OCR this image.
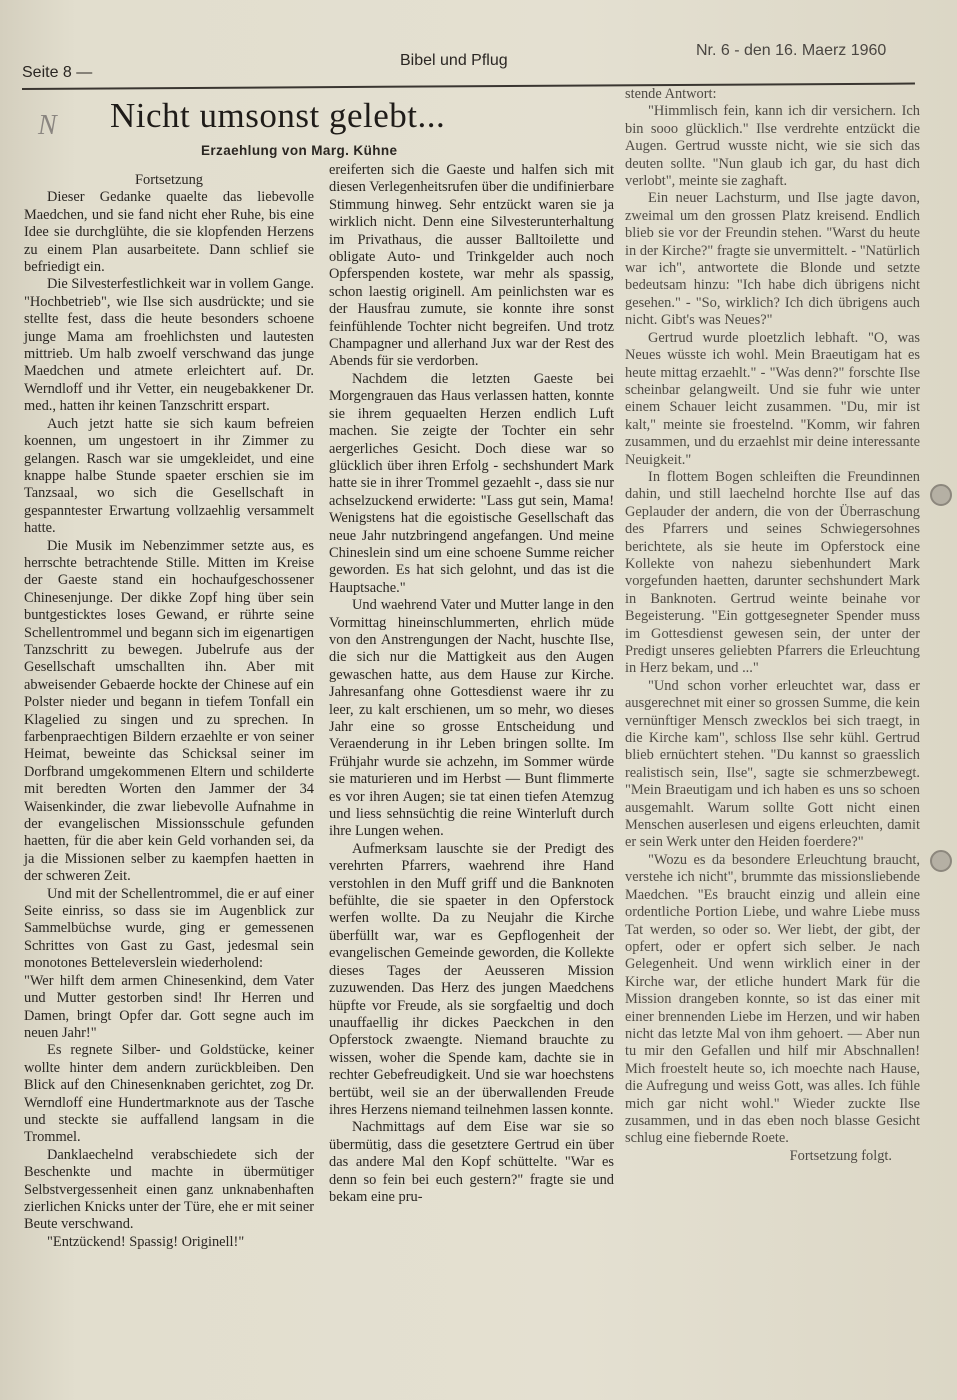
Seite 8 —
Bibel und Pflug
Nr. 6 - den 16. Maerz 1960
N Nicht umsonst gelebt...
Erzaehlung von Marg. Kühne

Fortsetzung

Dieser Gedanke quaelte das liebevolle Maedchen, und sie fand nicht eher Ruhe, bis eine Idee sie durchglühte, die sie klopfenden Herzens zu einem Plan ausarbeitete. Dann schlief sie befriedigt ein.

Die Silvesterfestlichkeit war in vollem Gange. "Hochbetrieb", wie Ilse sich ausdrückte; und sie stellte fest, dass die heute besonders schoene junge Mama am froehlichsten und lautesten mittrieb. Um halb zwoelf verschwand das junge Maedchen und atmete erleichtert auf. Dr. Werndloff und ihr Vetter, ein neugebakkener Dr. med., hatten ihr keinen Tanzschritt erspart.

Auch jetzt hatte sie sich kaum befreien koennen, um ungestoert in ihr Zimmer zu gelangen. Rasch war sie umgekleidet, und eine knappe halbe Stunde spaeter erschien sie im Tanzsaal, wo sich die Gesellschaft in gespanntester Erwartung vollzaehlig versammelt hatte.

Die Musik im Nebenzimmer setzte aus, es herrschte betrachtende Stille. Mitten im Kreise der Gaeste stand ein hochaufgeschossener Chinesenjunge. Der dikke Zopf hing über sein buntgesticktes loses Gewand, er rührte seine Schellentrommel und begann sich im eigenartigen Tanzschritt zu bewegen. Jubelrufe aus der Gesellschaft umschallten ihn. Aber mit abweisender Gebaerde hockte der Chinese auf ein Polster nieder und begann in tiefem Tonfall ein Klagelied zu singen und zu sprechen. In farbenpraechtigen Bildern erzaehlte er von seiner Heimat, beweinte das Schicksal seiner im Dorfbrand umgekommenen Eltern und schilderte mit beredten Worten den Jammer der 34 Waisenkinder, die zwar liebevolle Aufnahme in der evangelischen Missionsschule gefunden haetten, für die aber kein Geld vorhanden sei, da ja die Missionen selber zu kaempfen haetten in der schweren Zeit.

Und mit der Schellentrommel, die er auf einer Seite einriss, so dass sie im Augenblick zur Sammelbüchse wurde, ging er gemessenen Schrittes von Gast zu Gast, jedesmal sein monotones Betteleverslein wiederholend:

"Wer hilft dem armen Chinesenkind, dem Vater und Mutter gestorben sind! Ihr Herren und Damen, bringt Opfer dar. Gott segne auch im neuen Jahr!"

Es regnete Silber- und Goldstücke, keiner wollte hinter dem andern zurückbleiben. Den Blick auf den Chinesenknaben gerichtet, zog Dr. Werndloff eine Hundertmarknote aus der Tasche und steckte sie auffallend langsam in die Trommel.

Danklaechelnd verabschiedete sich der Beschenkte und machte in übermütiger Selbstvergessenheit einen ganz unknabenhaften zierlichen Knicks unter der Türe, ehe er mit seiner Beute verschwand.

"Entzückend! Spassig! Originell!"

ereiferten sich die Gaeste und halfen sich mit diesen Verlegenheitsrufen über die undifinierbare Stimmung hinweg. Sehr entzückt waren sie ja wirklich nicht. Denn eine Silvesterunterhaltung im Privathaus, die ausser Balltoilette und obligate Auto- und Trinkgelder auch noch Opferspenden kostete, war mehr als spassig, schon laestig originell. Am peinlichsten war es der Hausfrau zumute, sie konnte ihre sonst feinfühlende Tochter nicht begreifen. Und trotz Champagner und allerhand Jux war der Rest des Abends für sie verdorben.

Nachdem die letzten Gaeste bei Morgengrauen das Haus verlassen hatten, konnte sie ihrem gequaelten Herzen endlich Luft machen. Sie zeigte der Tochter ein sehr aergerliches Gesicht. Doch diese war so glücklich über ihren Erfolg - sechshundert Mark hatte sie in ihrer Trommel gezaehlt -, dass sie nur achselzuckend erwiderte: "Lass gut sein, Mama! Wenigstens hat die egoistische Gesellschaft das neue Jahr nutzbringend angefangen. Und meine Chineslein sind um eine schoene Summe reicher geworden. Es hat sich gelohnt, und das ist die Hauptsache."

Und waehrend Vater und Mutter lange in den Vormittag hineinschlummerten, ehrlich müde von den Anstrengungen der Nacht, huschte Ilse, die sich nur die Mattigkeit aus den Augen gewaschen hatte, aus dem Hause zur Kirche. Jahresanfang ohne Gottesdienst waere ihr zu leer, zu kalt erschienen, um so mehr, wo dieses Jahr eine so grosse Entscheidung und Veraenderung in ihr Leben bringen sollte. Im Frühjahr wurde sie achzehn, im Sommer würde sie maturieren und im Herbst — Bunt flimmerte es vor ihren Augen; sie tat einen tiefen Atemzug und liess sehnsüchtig die reine Winterluft durch ihre Lungen wehen.

Aufmerksam lauschte sie der Predigt des verehrten Pfarrers, waehrend ihre Hand verstohlen in den Muff griff und die Banknoten befühlte, die sie spaeter in den Opferstock werfen wollte. Da zu Neujahr die Kirche überfüllt war, war es Gepflogenheit der evangelischen Gemeinde geworden, die Kollekte dieses Tages der Aeusseren Mission zuzuwenden. Das Herz des jungen Maedchens hüpfte vor Freude, als sie sorgfaeltig und doch unauffaellig ihr dickes Paeckchen in den Opferstock zwaengte. Niemand brauchte zu wissen, woher die Spende kam, dachte sie in rechter Gebefreudigkeit. Und sie war hoechstens bertübt, weil sie an der überwallenden Freude ihres Herzens niemand teilnehmen lassen konnte.

Nachmittags auf dem Eise war sie so übermütig, dass die gesetztere Gertrud ein über das andere Mal den Kopf schüttelte. "War es denn so fein bei euch gestern?" fragte sie und bekam eine pru-

stende Antwort:

"Himmlisch fein, kann ich dir versichern. Ich bin sooo glücklich." Ilse verdrehte entzückt die Augen. Gertrud wusste nicht, wie sie sich das deuten sollte. "Nun glaub ich gar, du hast dich verlobt", meinte sie zaghaft.

Ein neuer Lachsturm, und Ilse jagte davon, zweimal um den grossen Platz kreisend. Endlich blieb sie vor der Freundin stehen. "Warst du heute in der Kirche?" fragte sie unvermittelt. - "Natürlich war ich", antwortete die Blonde und setzte bedeutsam hinzu: "Ich habe dich übrigens nicht gesehen." - "So, wirklich? Ich dich übrigens auch nicht. Gibt's was Neues?"

Gertrud wurde ploetzlich lebhaft. "O, was Neues wüsste ich wohl. Mein Braeutigam hat es heute mittag erzaehlt." - "Was denn?" forschte Ilse scheinbar gelangweilt. Und sie fuhr wie unter einem Schauer leicht zusammen. "Du, mir ist kalt," meinte sie froestelnd. "Komm, wir fahren zusammen, und du erzaehlst mir deine interessante Neuigkeit."

In flottem Bogen schleiften die Freundinnen dahin, und still laechelnd horchte Ilse auf das Geplauder der andern, die von der Überraschung des Pfarrers und seines Schwiegersohnes berichtete, als sie heute im Opferstock eine Kollekte von nahezu siebenhundert Mark vorgefunden haetten, darunter sechshundert Mark in Banknoten. Gertrud weinte beinahe vor Begeisterung. "Ein gottgesegneter Spender muss im Gottesdienst gewesen sein, der unter der Predigt unseres geliebten Pfarrers die Erleuchtung in Herz bekam, und ..."

"Und schon vorher erleuchtet war, dass er ausgerechnet mit einer so grossen Summe, die kein vernünftiger Mensch zwecklos bei sich traegt, in die Kirche kam", schloss Ilse sehr kühl. Gertrud blieb ernüchtert stehen. "Du kannst so graesslich realistisch sein, Ilse", sagte sie schmerzbewegt. "Mein Braeutigam und ich haben es uns so schoen ausgemahlt. Warum sollte Gott nicht einen Menschen auserlesen und eigens erleuchten, damit er sein Werk unter den Heiden foerdere?"

"Wozu es da besondere Erleuchtung braucht, verstehe ich nicht", brummte das missionsliebende Maedchen. "Es braucht einzig und allein eine ordentliche Portion Liebe, und wahre Liebe muss Tat werden, so oder so. Wer liebt, der gibt, der opfert, oder er opfert sich selber. Je nach Gelegenheit. Und wenn wirklich einer in der Kirche war, der etliche hundert Mark für die Mission drangeben konnte, so ist das einer mit einer brennenden Liebe im Herzen, und wir haben nicht das letzte Mal von ihm gehoert. — Aber nun tu mir den Gefallen und hilf mir Abschnallen! Mich froestelt heute so, ich moechte nach Hause, die Aufregung und weiss Gott, was alles. Ich fühle mich gar nicht wohl." Wieder zuckte Ilse zusammen, und in das eben noch blasse Gesicht schlug eine fiebernde Roete.

Fortsetzung folgt.
